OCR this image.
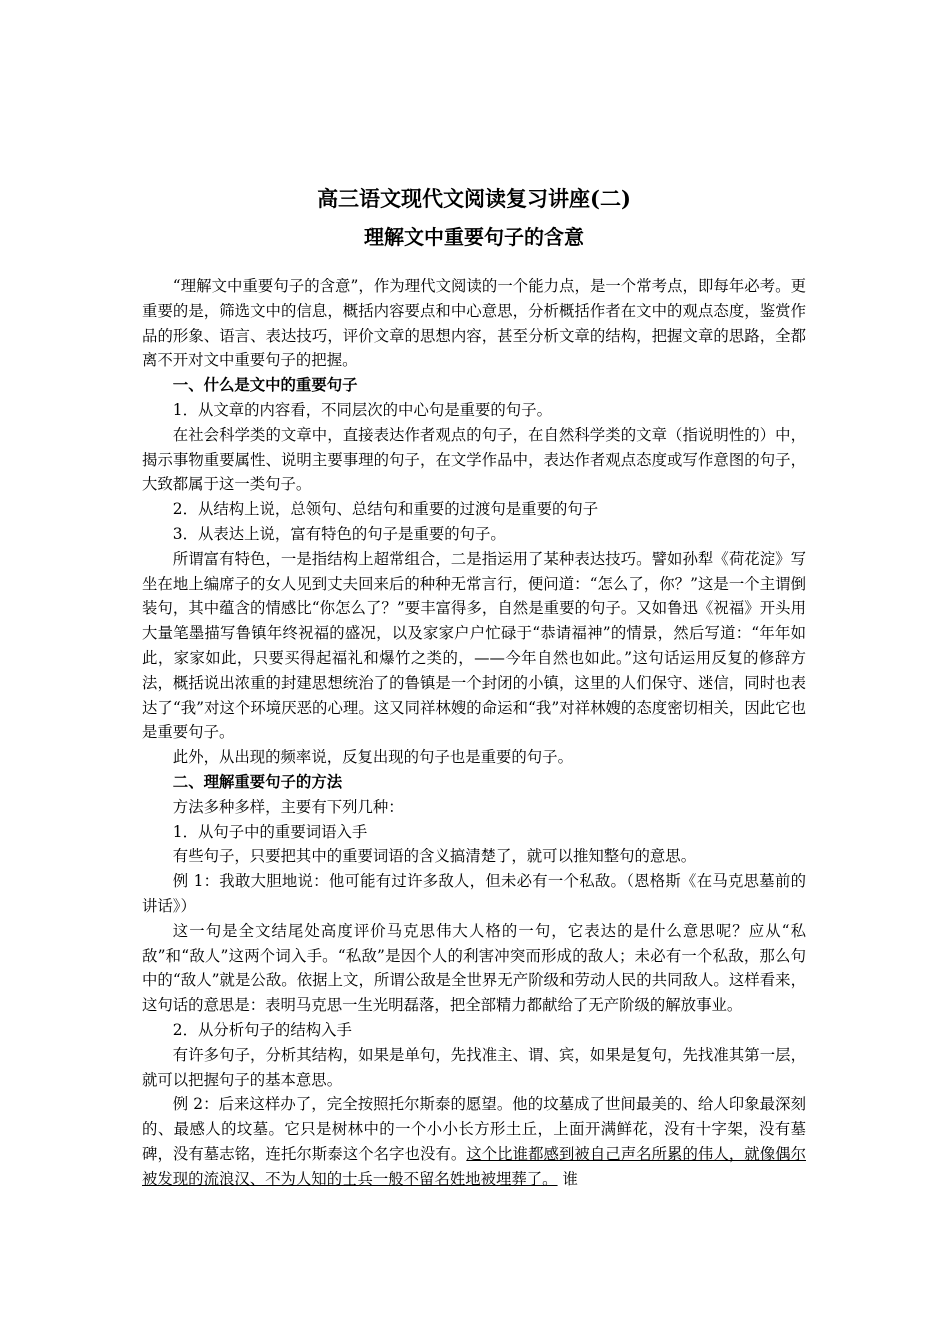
高三语文现代文阅读复习讲座(二)
理解文中重要句子的含意

“理解文中重要句子的含意”，作为理代文阅读的一个能力点，是一个常考点，即每年必考。更重要的是，筛选文中的信息，概括内容要点和中心意思，分析概括作者在文中的观点态度，鉴赏作品的形象、语言、表达技巧，评价文章的思想内容，甚至分析文章的结构，把握文章的思路，全都离不开对文中重要句子的把握。

一、什么是文中的重要句子

1．从文章的内容看，不同层次的中心句是重要的句子。

在社会科学类的文章中，直接表达作者观点的句子，在自然科学类的文章（指说明性的）中，揭示事物重要属性、说明主要事理的句子，在文学作品中，表达作者观点态度或写作意图的句子，大致都属于这一类句子。

2．从结构上说，总领句、总结句和重要的过渡句是重要的句子

3．从表达上说，富有特色的句子是重要的句子。

所谓富有特色，一是指结构上超常组合，二是指运用了某种表达技巧。譬如孙犁《荷花淀》写坐在地上编席子的女人见到丈夫回来后的种种无常言行，便问道：“怎么了，你？”这是一个主谓倒装句，其中蕴含的情感比“你怎么了？”要丰富得多，自然是重要的句子。又如鲁迅《祝福》开头用大量笔墨描写鲁镇年终祝福的盛况，以及家家户户忙碌于“恭请福神”的情景，然后写道：“年年如此，家家如此，只要买得起福礼和爆竹之类的，——今年自然也如此。”这句话运用反复的修辞方法，概括说出浓重的封建思想统治了的鲁镇是一个封闭的小镇，这里的人们保守、迷信，同时也表达了“我”对这个环境厌恶的心理。这又同祥林嫂的命运和“我”对祥林嫂的态度密切相关，因此它也是重要句子。

此外，从出现的频率说，反复出现的句子也是重要的句子。

二、理解重要句子的方法

方法多种多样，主要有下列几种：

1．从句子中的重要词语入手

有些句子，只要把其中的重要词语的含义搞清楚了，就可以推知整句的意思。

例 1：我敢大胆地说：他可能有过许多敌人，但未必有一个私敌。（恩格斯《在马克思墓前的讲话》）

这一句是全文结尾处高度评价马克思伟大人格的一句，它表达的是什么意思呢？应从“私敌”和“敌人”这两个词入手。“私敌”是因个人的利害冲突而形成的敌人；未必有一个私敌，那么句中的“敌人”就是公敌。依据上文，所谓公敌是全世界无产阶级和劳动人民的共同敌人。这样看来，这句话的意思是：表明马克思一生光明磊落，把全部精力都献给了无产阶级的解放事业。

2．从分析句子的结构入手

有许多句子，分析其结构，如果是单句，先找准主、谓、宾，如果是复句，先找准其第一层，就可以把握句子的基本意思。

例 2：后来这样办了，完全按照托尔斯泰的愿望。他的坟墓成了世间最美的、给人印象最深刻的、最感人的坟墓。它只是树林中的一个小小长方形土丘，上面开满鲜花，没有十字架，没有墓碑，没有墓志铭，连托尔斯泰这个名字也没有。这个比谁都感到被自己声名所累的伟人，就像偶尔被发现的流浪汉、不为人知的士兵一般不留名姓地被埋葬了。 谁
